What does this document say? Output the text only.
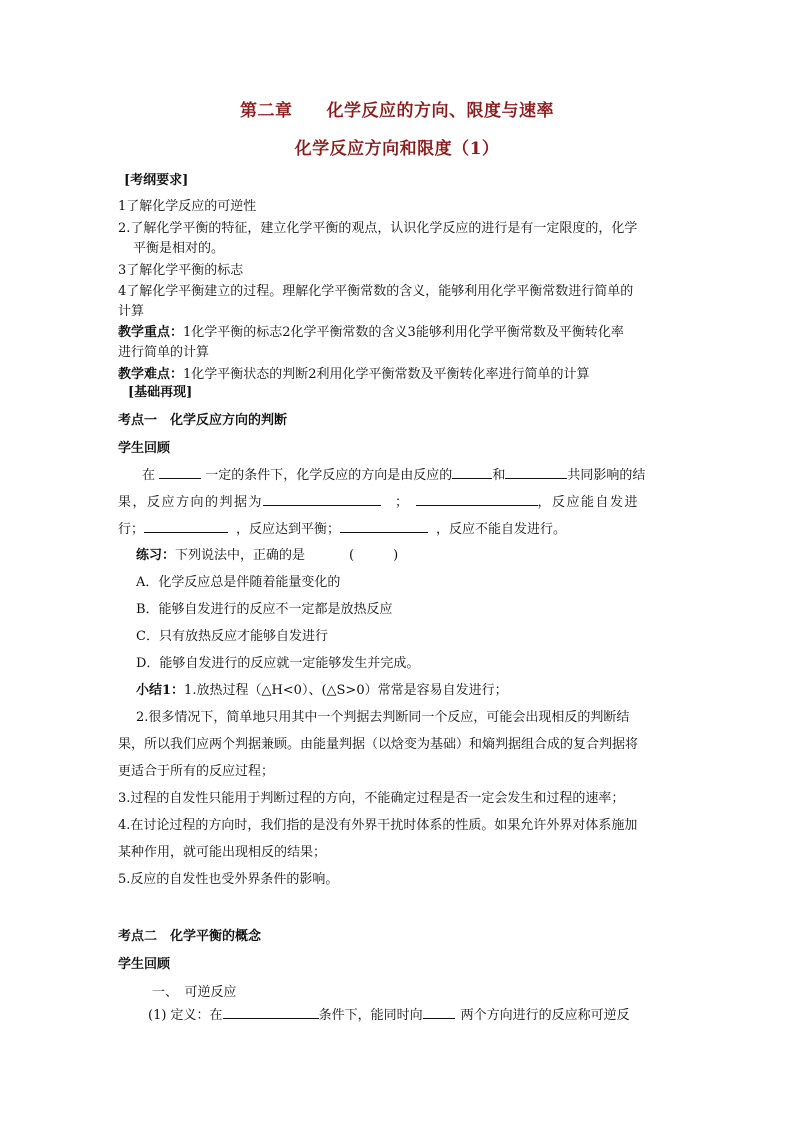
第二章 化学反应的方向、限度与速率
化学反应方向和限度（1）
[考纲要求]
1了解化学反应的可逆性
2.了解化学平衡的特征，建立化学平衡的观点，认识化学反应的进行是有一定限度的，化学
平衡是相对的。
3了解化学平衡的标志
4了解化学平衡建立的过程。理解化学平衡常数的含义，能够利用化学平衡常数进行简单的
计算
教学重点：1化学平衡的标志2化学平衡常数的含义3能够利用化学平衡常数及平衡转化率
进行简单的计算
教学难点：1化学平衡状态的判断2利用化学平衡常数及平衡转化率进行简单的计算
[基础再现]
考点一　化学反应方向的判断
学生回顾
在	一定的条件下，化学反应的方向是由反应的	和	共同影响的结
果，反应方向的判据为	；	，反应能自发进
行；	，反应达到平衡；	，反应不能自发进行。
练习：下列说法中，正确的是	(　　　)
A．化学反应总是伴随着能量变化的
B．能够自发进行的反应不一定都是放热反应
C．只有放热反应才能够自发进行
D．能够自发进行的反应就一定能够发生并完成。
小结1：1.放热过程（△H<0）、(△S>0）常常是容易自发进行；
2.很多情况下，简单地只用其中一个判据去判断同一个反应，可能会出现相反的判断结
果，所以我们应两个判据兼顾。由能量判据（以焓变为基础）和熵判据组合成的复合判据将
更适合于所有的反应过程；
3.过程的自发性只能用于判断过程的方向，不能确定过程是否一定会发生和过程的速率；
4.在讨论过程的方向时，我们指的是没有外界干扰时体系的性质。如果允许外界对体系施加
某种作用，就可能出现相反的结果；
5.反应的自发性也受外界条件的影响。
考点二　化学平衡的概念
学生回顾
一、　可逆反应
(1) 定义：在	条件下，能同时向	两个方向进行的反应称可逆反
